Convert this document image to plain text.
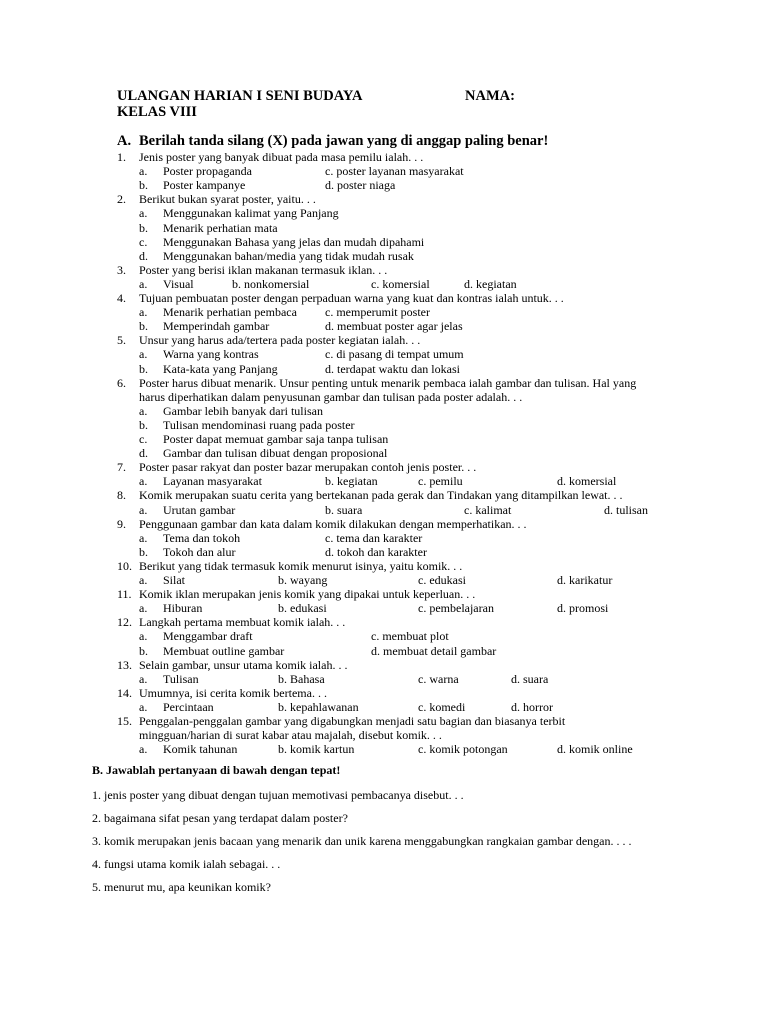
ULANGAN HARIAN I SENI BUDAYA	NAMA:
KELAS VIII
A. Berilah tanda silang (X) pada jawan yang di anggap paling benar!
1. Jenis poster yang banyak dibuat pada masa pemilu ialah. . .
a. Poster propaganda	c. poster layanan masyarakat
b. Poster kampanye	d. poster niaga
2. Berikut bukan syarat poster, yaitu. . .
a. Menggunakan kalimat yang Panjang
b. Menarik perhatian mata
c. Menggunakan Bahasa yang jelas dan mudah dipahami
d. Menggunakan bahan/media yang tidak mudah rusak
3. Poster yang berisi iklan makanan termasuk iklan. . .
a. Visual	b. nonkomersial	c. komersial	d. kegiatan
4. Tujuan pembuatan poster dengan perpaduan warna yang kuat dan kontras ialah untuk. . .
a. Menarik perhatian pembaca c. memperumit poster
b. Memperindah gambar	d. membuat poster agar jelas
5. Unsur yang harus ada/tertera pada poster kegiatan ialah. . .
a. Warna yang kontras	c. di pasang di tempat umum
b. Kata-kata yang Panjang	d. terdapat waktu dan lokasi
6. Poster harus dibuat menarik. Unsur penting untuk menarik pembaca ialah gambar dan tulisan. Hal yang
harus diperhatikan dalam penyusunan gambar dan tulisan pada poster adalah. . .
a. Gambar lebih banyak dari tulisan
b. Tulisan mendominasi ruang pada poster
c. Poster dapat memuat gambar saja tanpa tulisan
d. Gambar dan tulisan dibuat dengan proposional
7. Poster pasar rakyat dan poster bazar merupakan contoh jenis poster. . .
a. Layanan masyarakat	b. kegiatan	c. pemilu	d. komersial
8. Komik merupakan suatu cerita yang bertekanan pada gerak dan Tindakan yang ditampilkan lewat. . .
a. Urutan gambar	b. suara	c. kalimat	d. tulisan
9. Penggunaan gambar dan kata dalam komik dilakukan dengan memperhatikan. . .
a. Tema dan tokoh	c. tema dan karakter
b. Tokoh dan alur	d. tokoh dan karakter
10. Berikut yang tidak termasuk komik menurut isinya, yaitu komik. . .
a. Silat	b. wayang	c. edukasi	d. karikatur
11. Komik iklan merupakan jenis komik yang dipakai untuk keperluan. . .
a. Hiburan	b. edukasi	c. pembelajaran	d. promosi
12. Langkah pertama membuat komik ialah. . .
a. Menggambar draft	c. membuat plot
b. Membuat outline gambar	d. membuat detail gambar
13. Selain gambar, unsur utama komik ialah. . .
a. Tulisan	b. Bahasa	c. warna	d. suara
14. Umumnya, isi cerita komik bertema. . .
a. Percintaan	b. kepahlawanan	c. komedi	d. horror
15. Penggalan-penggalan gambar yang digabungkan menjadi satu bagian dan biasanya terbit
mingguan/harian di surat kabar atau majalah, disebut komik. . .
a. Komik tahunan	b. komik kartun	c. komik potongan	d. komik online
B. Jawablah pertanyaan di bawah dengan tepat!
1. jenis poster yang dibuat dengan tujuan memotivasi pembacanya disebut. . .
2. bagaimana sifat pesan yang terdapat dalam poster?
3. komik merupakan jenis bacaan yang menarik dan unik karena menggabungkan rangkaian gambar dengan. . . .
4. fungsi utama komik ialah sebagai. . .
5. menurut mu, apa keunikan komik?
